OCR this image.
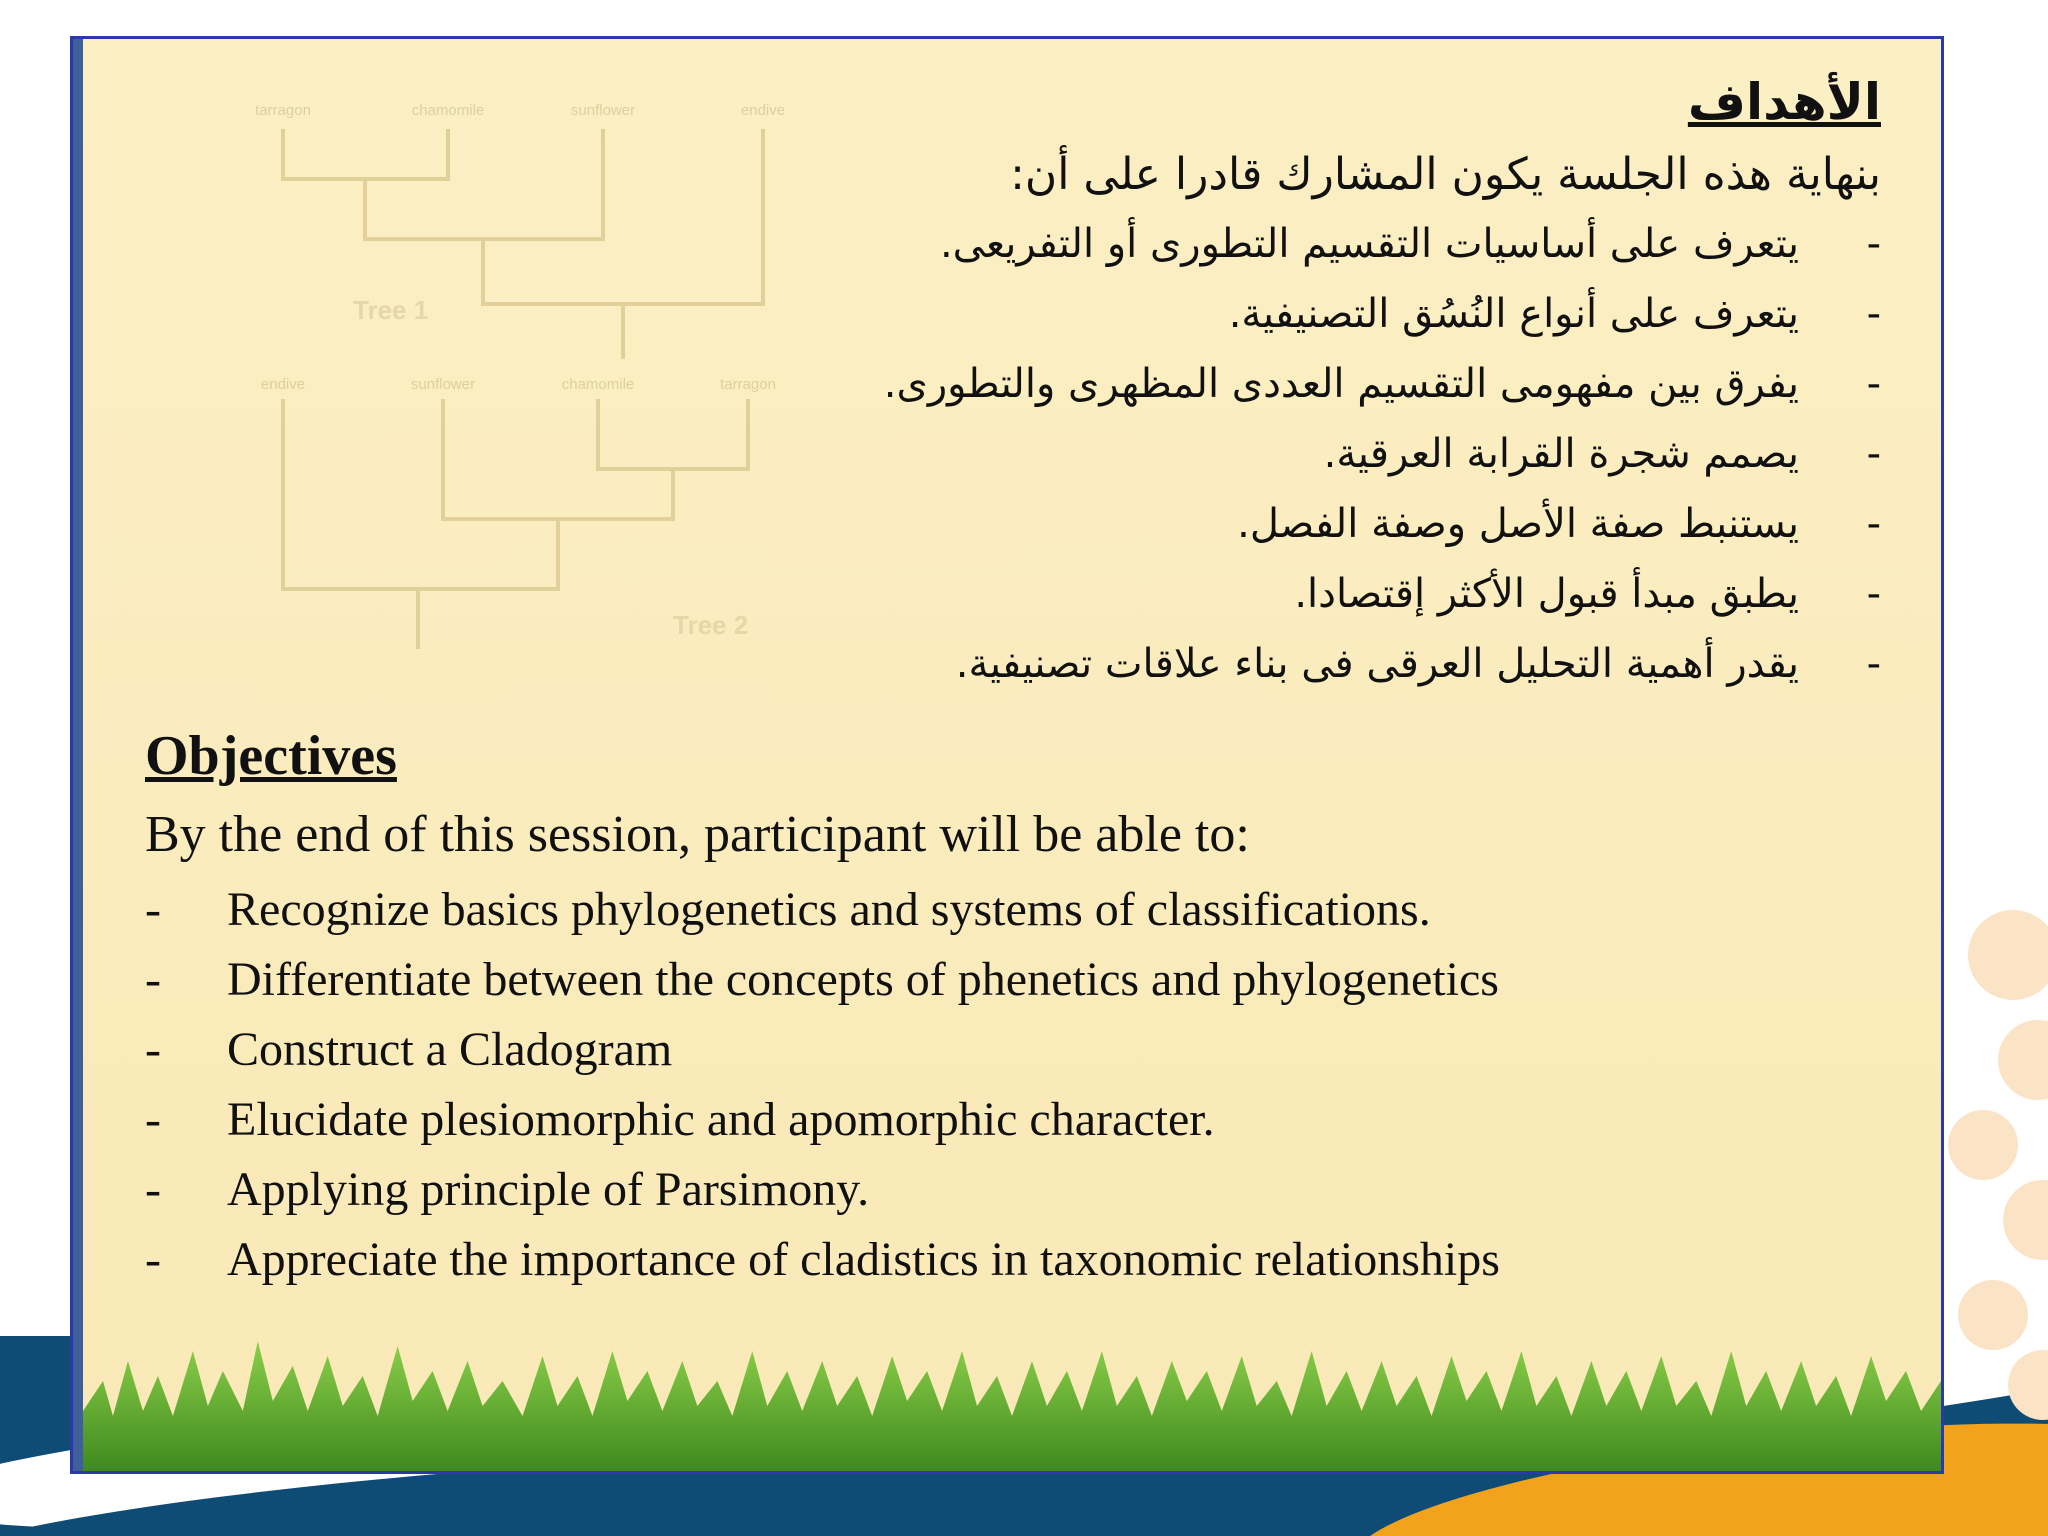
tarragon	chamomile	sunflower	endive
Tree 1
endive	sunflower	chamomile	tarragon
Tree 2
الأهداف
بنهاية هذه الجلسة يكون المشارك قادرا على أن:
-
يتعرف على أساسيات التقسيم التطورى أو التفريعى.
-
يتعرف على أنواع النُسُق التصنيفية.
-
يفرق بين مفهومى التقسيم العددى المظهرى والتطورى.
-
يصمم شجرة القرابة العرقية.
-
يستنبط صفة الأصل وصفة الفصل.
-
يطبق مبدأ قبول الأكثر إقتصادا.
-
يقدر أهمية التحليل العرقى فى بناء علاقات تصنيفية.
Objectives
By the end of this session, participant will be able to:
- Recognize basics phylogenetics and systems of classifications.
- Differentiate between the concepts of phenetics and phylogenetics
- Construct a Cladogram
- Elucidate plesiomorphic and apomorphic character.
- Applying principle of Parsimony.
- Appreciate the importance of cladistics in taxonomic relationships
